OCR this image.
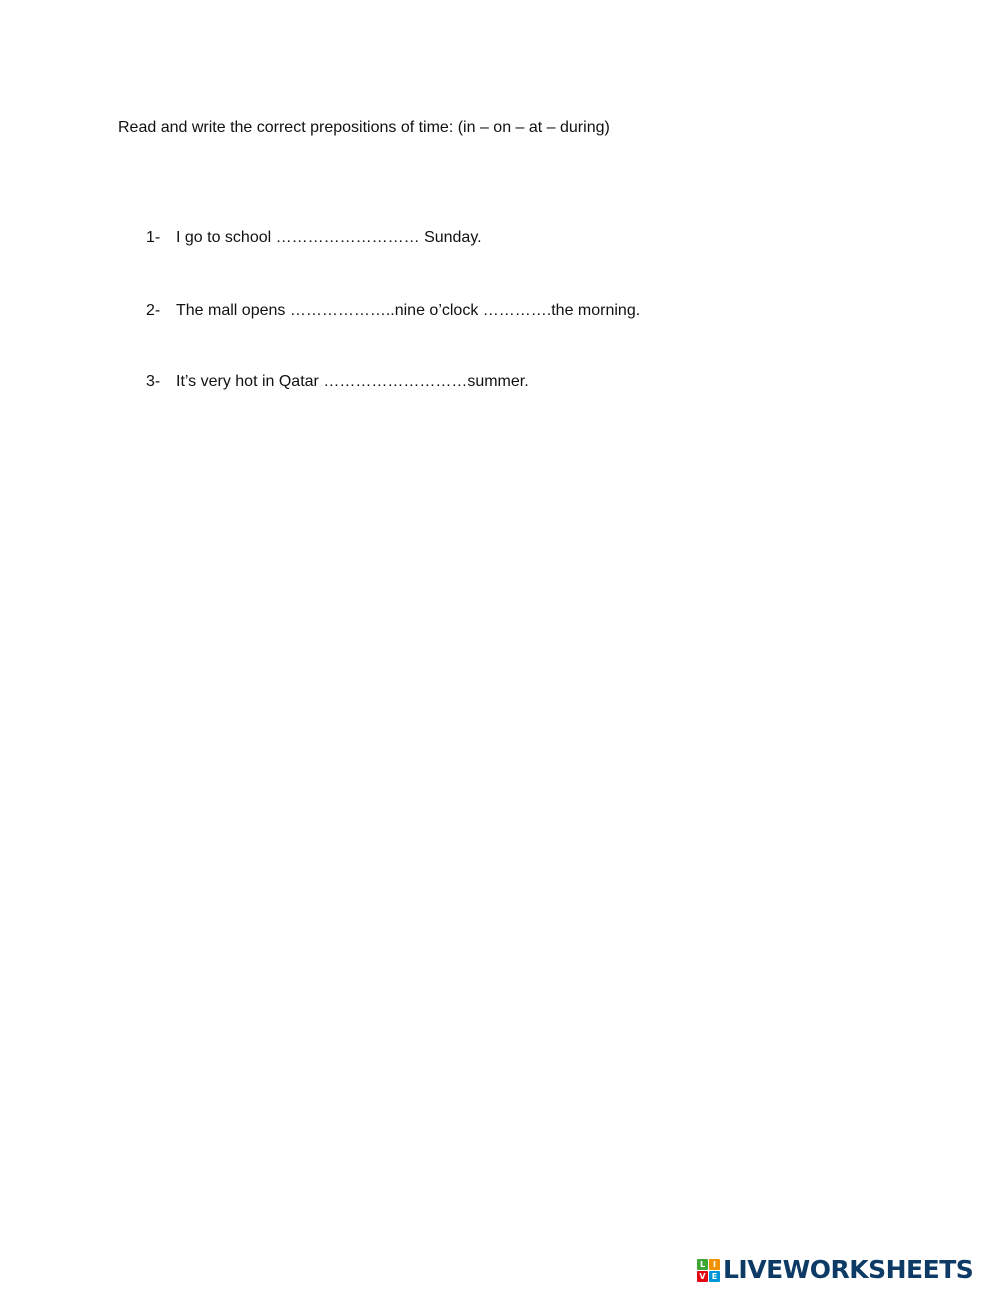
Read and write the correct prepositions of time: (in – on – at – during)
1- I go to school ……………………… Sunday.
2- The mall opens ………………..nine o’clock ………….the morning.
3- It’s very hot in Qatar ………………………summer.
L I
V E LIVEWORKSHEETS
